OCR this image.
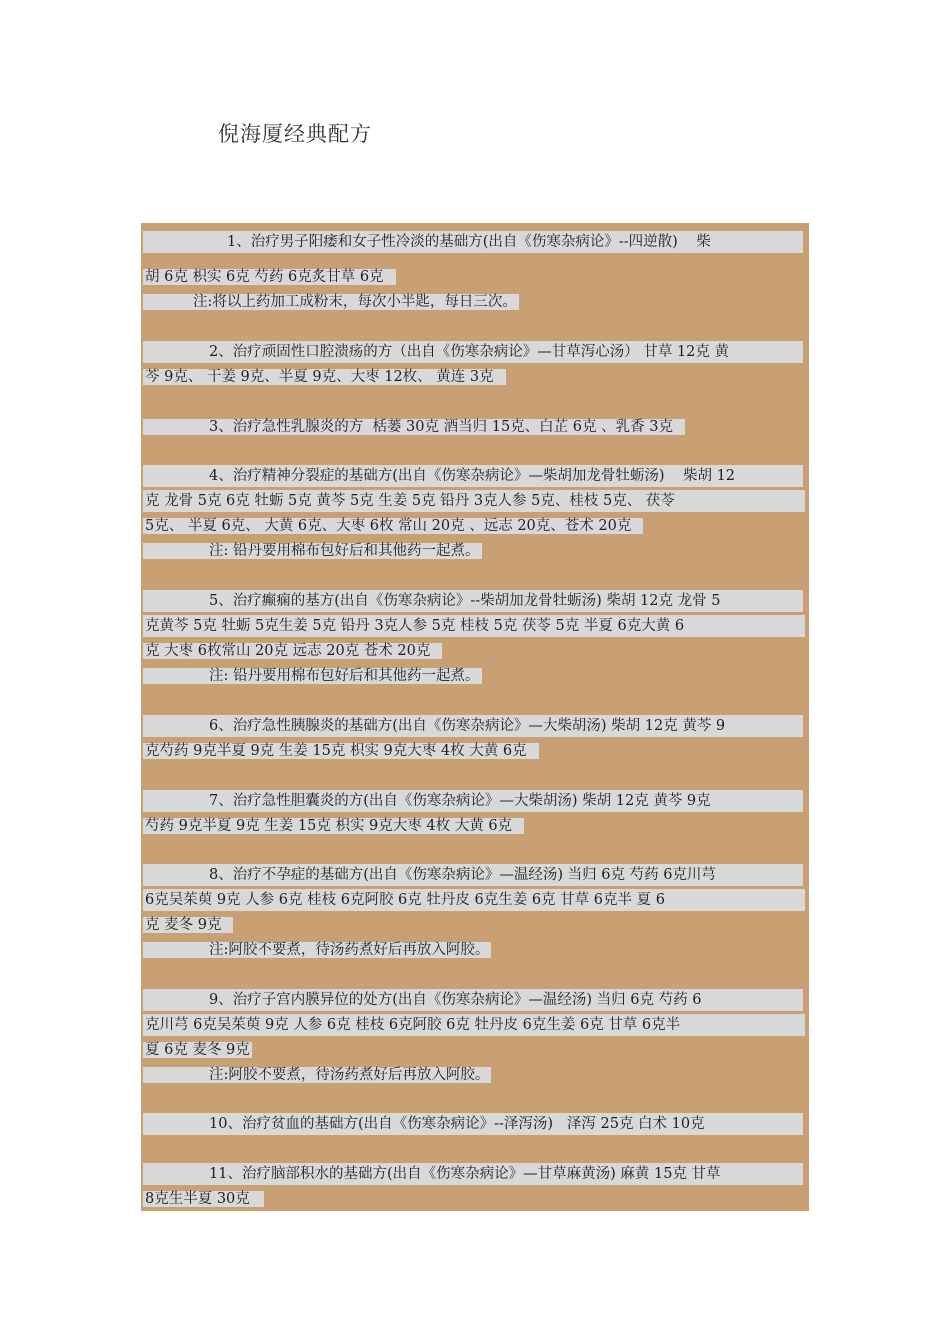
倪海厦经典配方
1、治疗男子阳痿和女子性冷淡的基础方(出自《伤寒杂病论》--四逆散)    柴
胡 6克 枳实 6克 芍药 6克炙甘草 6克
注:将以上药加工成粉末，每次小半匙，每日三次。
2、治疗顽固性口腔溃疡的方（出自《伤寒杂病论》—甘草泻心汤） 甘草 12克 黄
芩 9克、 干姜 9克、半夏 9克、大枣 12枚、 黄连 3克
3、治疗急性乳腺炎的方  栝蒌 30克 酒当归 15克、白芷 6克 、乳香 3克
4、治疗精神分裂症的基础方(出自《伤寒杂病论》—柴胡加龙骨牡蛎汤)    柴胡 12
克 龙骨 5克 6克 牡蛎 5克 黄芩 5克 生姜 5克 铅丹 3克人参 5克、桂枝 5克、 茯苓
5克、 半夏 6克、 大黄 6克、大枣 6枚 常山 20克 、远志 20克、苍术 20克
注: 铅丹要用棉布包好后和其他药一起煮。
5、治疗癫痫的基方(出自《伤寒杂病论》--柴胡加龙骨牡蛎汤) 柴胡 12克 龙骨 5
克黄芩 5克 牡蛎 5克生姜 5克 铅丹 3克人参 5克 桂枝 5克 茯苓 5克 半夏 6克大黄 6
克 大枣 6枚常山 20克 远志 20克 苍术 20克
注: 铅丹要用棉布包好后和其他药一起煮。
6、治疗急性胰腺炎的基础方(出自《伤寒杂病论》—大柴胡汤) 柴胡 12克 黄芩 9
克芍药 9克半夏 9克 生姜 15克 枳实 9克大枣 4枚 大黄 6克
7、治疗急性胆囊炎的方(出自《伤寒杂病论》—大柴胡汤) 柴胡 12克 黄芩 9克
芍药 9克半夏 9克 生姜 15克 枳实 9克大枣 4枚 大黄 6克
8、治疗不孕症的基础方(出自《伤寒杂病论》—温经汤) 当归 6克 芍药 6克川芎
6克吴茱萸 9克 人参 6克 桂枝 6克阿胶 6克 牡丹皮 6克生姜 6克 甘草 6克半 夏 6
克 麦冬 9克
注:阿胶不要煮，待汤药煮好后再放入阿胶。
9、治疗子宫内膜异位的处方(出自《伤寒杂病论》—温经汤) 当归 6克 芍药 6
克川芎 6克吴茱萸 9克 人参 6克 桂枝 6克阿胶 6克 牡丹皮 6克生姜 6克 甘草 6克半
夏 6克 麦冬 9克
注:阿胶不要煮，待汤药煮好后再放入阿胶。
10、治疗贫血的基础方(出自《伤寒杂病论》--泽泻汤)   泽泻 25克 白术 10克
11、治疗脑部积水的基础方(出自《伤寒杂病论》—甘草麻黄汤) 麻黄 15克 甘草
8克生半夏 30克
